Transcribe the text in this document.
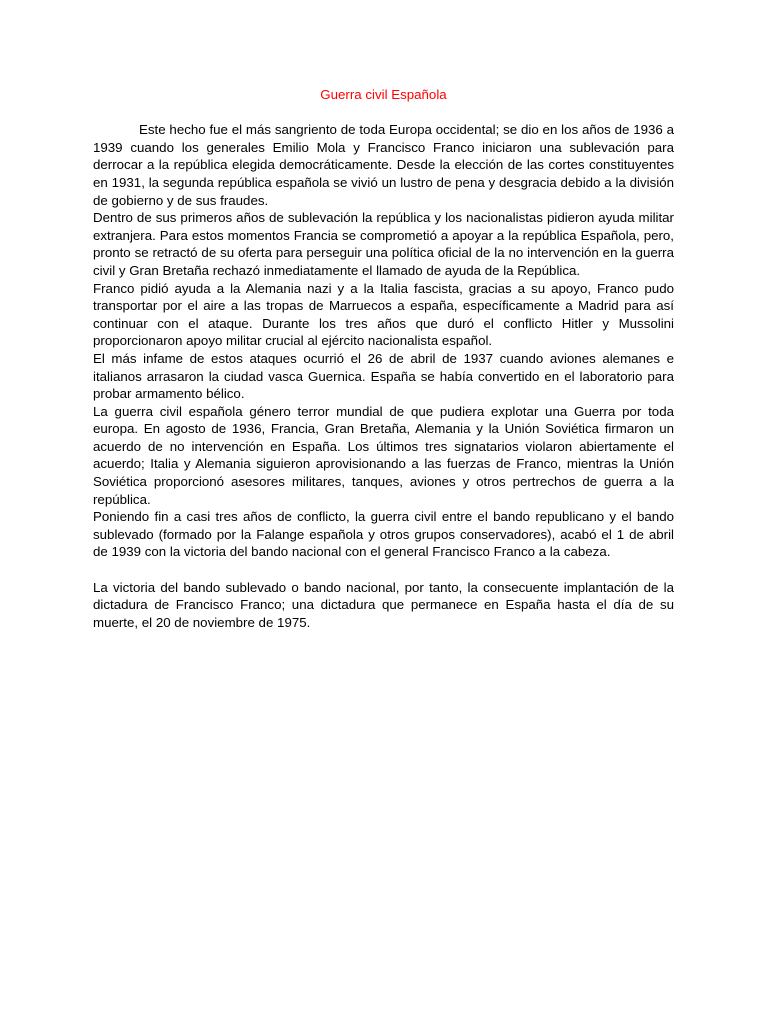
Guerra civil Española

Este hecho fue el más sangriento de toda Europa occidental; se dio en los años de 1936 a 1939 cuando los generales Emilio Mola y Francisco Franco iniciaron una sublevación para derrocar a la república elegida democráticamente. Desde la elección de las cortes constituyentes en 1931, la segunda república española se vivió un lustro de pena y desgracia debido a la división de gobierno y de sus fraudes.

Dentro de sus primeros años de sublevación la república y los nacionalistas pidieron ayuda militar extranjera. Para estos momentos Francia se comprometió a apoyar a la república Española, pero, pronto se retractó de su oferta para perseguir una política oficial de la no intervención en la guerra civil y Gran Bretaña rechazó inmediatamente el llamado de ayuda de la República.

Franco pidió ayuda a la Alemania nazi y a la Italia fascista, gracias a su apoyo, Franco pudo transportar por el aire a las tropas de Marruecos a españa, específicamente a Madrid para así continuar con el ataque. Durante los tres años que duró el conflicto Hitler y Mussolini proporcionaron apoyo militar crucial al ejército nacionalista español.

El más infame de estos ataques ocurrió el 26 de abril de 1937 cuando aviones alemanes e italianos arrasaron la ciudad vasca Guernica. España se había convertido en el laboratorio para probar armamento bélico.

La guerra civil española género terror mundial de que pudiera explotar una Guerra por toda europa. En agosto de 1936, Francia, Gran Bretaña, Alemania y la Unión Soviética firmaron un acuerdo de no intervención en España. Los últimos tres signatarios violaron abiertamente el acuerdo; Italia y Alemania siguieron aprovisionando a las fuerzas de Franco, mientras la Unión Soviética proporcionó asesores militares, tanques, aviones y otros pertrechos de guerra a la república.

Poniendo fin a casi tres años de conflicto, la guerra civil entre el bando republicano y el bando sublevado (formado por la Falange española y otros grupos conservadores), acabó el 1 de abril de 1939 con la victoria del bando nacional con el general Francisco Franco a la cabeza.

La victoria del bando sublevado o bando nacional, por tanto, la consecuente implantación de la dictadura de Francisco Franco; una dictadura que permanece en España hasta el día de su muerte, el 20 de noviembre de 1975.
